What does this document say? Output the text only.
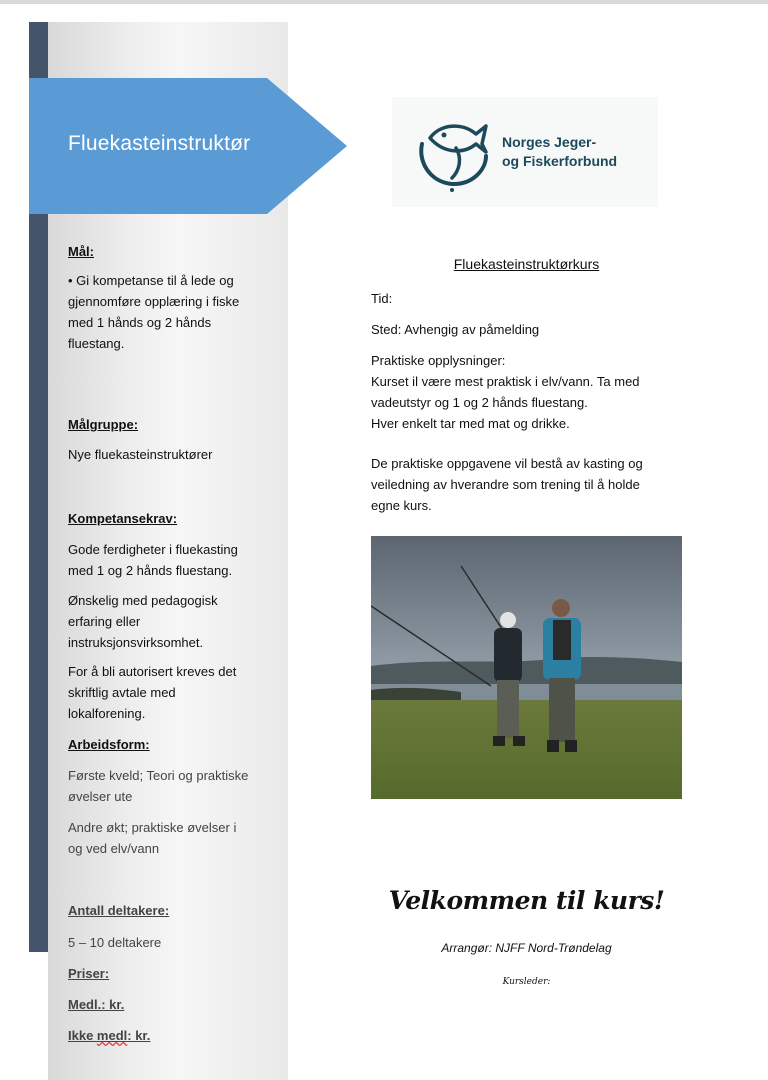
Fluekasteinstruktør
Mål:
• Gi kompetanse til å lede og
gjennomføre opplæring i fiske
med 1 hånds og 2 hånds
fluestang.
Målgruppe:
Nye fluekasteinstruktører
Kompetansekrav:
Gode ferdigheter i fluekasting
med 1 og 2 hånds fluestang.
Ønskelig med pedagogisk
erfaring eller
instruksjonsvirksomhet.
For å bli autorisert kreves det
skriftlig avtale med
lokalforening.
Arbeidsform:
Første kveld; Teori og praktiske
øvelser ute
Andre økt; praktiske øvelser i
og ved elv/vann
Antall deltakere:
5 – 10 deltakere
Priser:
Medl.: kr.
Ikke medl: kr.
Norges Jeger-
og Fiskerforbund
Fluekasteinstruktørkurs
Tid:
Sted: Avhengig av påmelding
Praktiske opplysninger:
Kurset il være mest praktisk i elv/vann. Ta med
vadeutstyr og 1 og 2 hånds fluestang.
Hver enkelt tar med mat og drikke.
De praktiske oppgavene vil bestå av kasting og
veiledning av hverandre som trening til å holde
egne kurs.
Velkommen til kurs!
Arrangør: NJFF Nord-Trøndelag
Kursleder:
